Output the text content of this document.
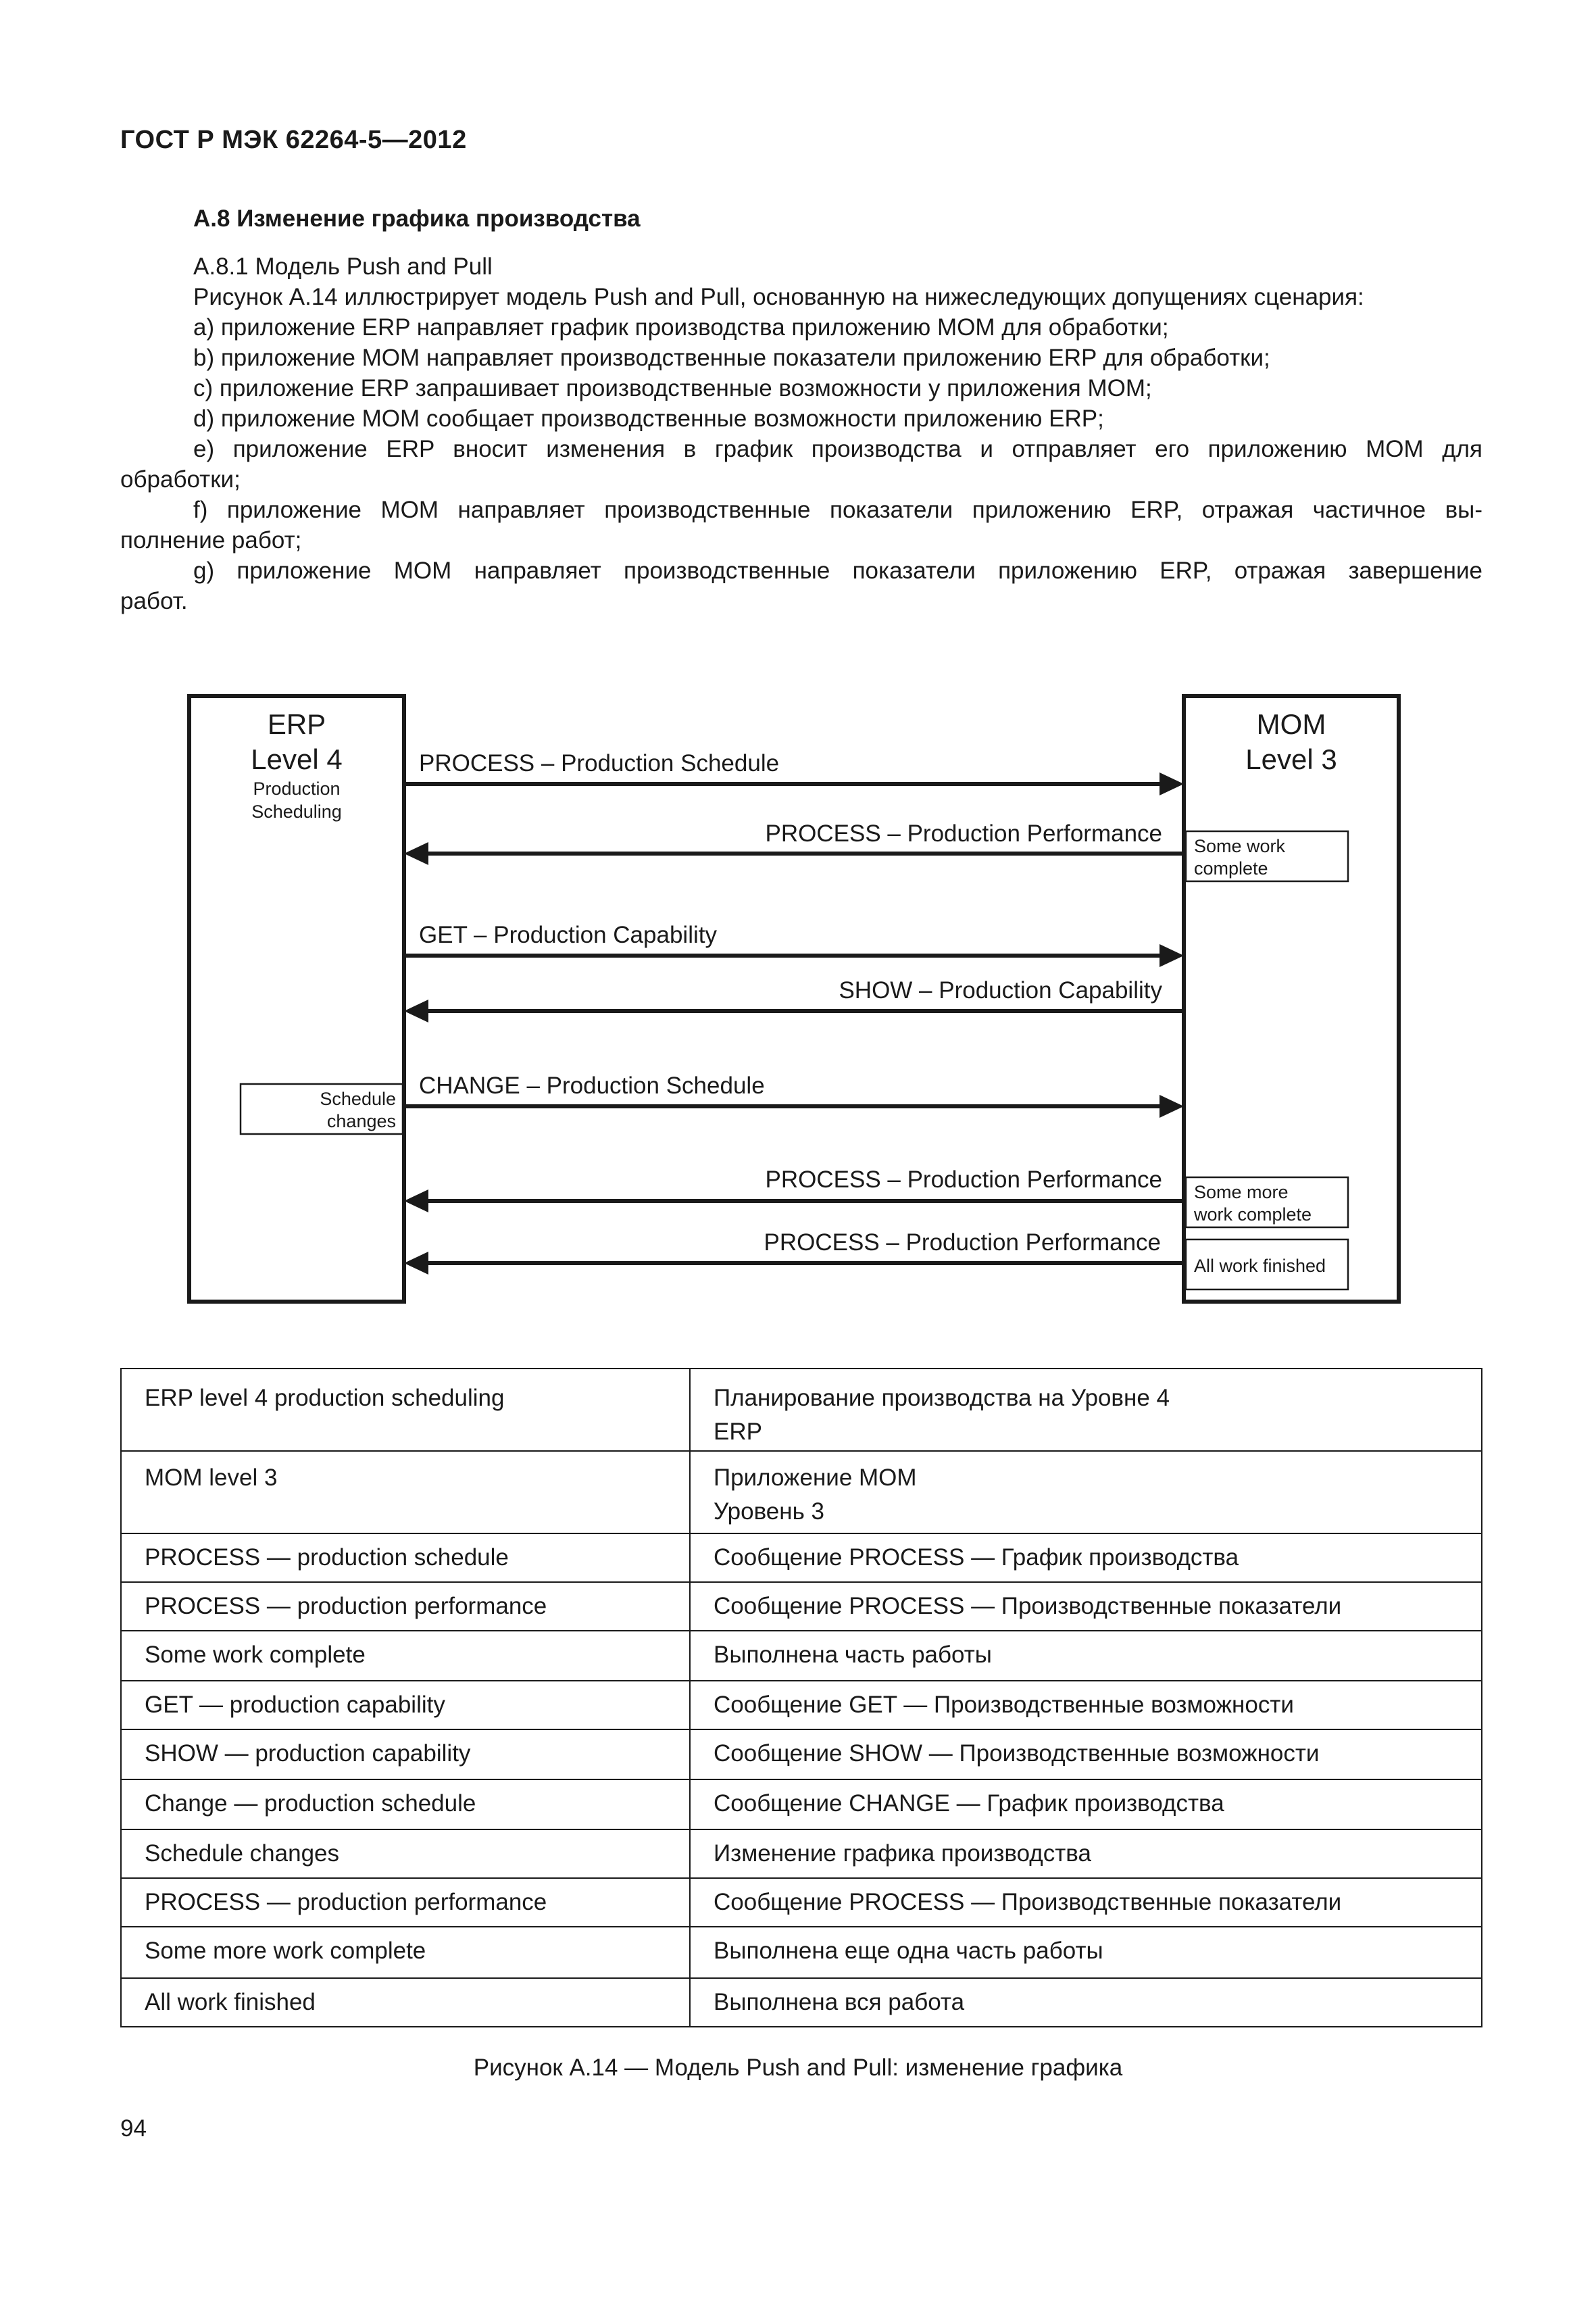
ГОСТ Р МЭК 62264-5—2012
A.8 Изменение графика производства
A.8.1 Модель Push and Pull
Рисунок А.14 иллюстрирует модель Push and Pull, основанную на нижеследующих допущениях сценария:
a) приложение ERP направляет график производства приложению MOM для обработки;
b) приложение MOM направляет производственные показатели приложению ERP для обработки;
c) приложение ERP запрашивает производственные возможности у приложения MOM;
d) приложение MOM сообщает производственные возможности приложению ERP;
e) приложение ERP вносит изменения в график производства и отправляет его приложению MOM для
обработки;
f) приложение MOM направляет производственные показатели приложению ERP, отражая частичное вы-
полнение работ;
g) приложение MOM направляет производственные показатели приложению ERP, отражая завершение
работ.
ERP
Level 4
Production
Scheduling
MOM
Level 3
PROCESS – Production Schedule
PROCESS – Production Performance
GET – Production Capability
SHOW – Production Capability
CHANGE – Production Schedule
PROCESS – Production Performance
PROCESS – Production Performance
Some work
complete
Schedule
changes
Some more
work complete
All work finished
ERP level 4 production scheduling	Планирование производства на Уровне 4
ERP

MOM level 3	Приложение MOM
Уровень 3

PROCESS — production schedule	Сообщение PROCESS — График производства
PROCESS — production performance	Сообщение PROCESS — Производственные показатели
Some work complete	Выполнена часть работы
GET — production capability	Сообщение GET — Производственные возможности
SHOW — production capability	Сообщение SHOW — Производственные возможности
Change — production schedule	Сообщение CHANGE — График производства
Schedule changes	Изменение графика производства
PROCESS — production performance	Сообщение PROCESS — Производственные показатели
Some more work complete	Выполнена еще одна часть работы
All work finished	Выполнена вся работа
Рисунок А.14 — Модель Push and Pull: изменение графика
94
